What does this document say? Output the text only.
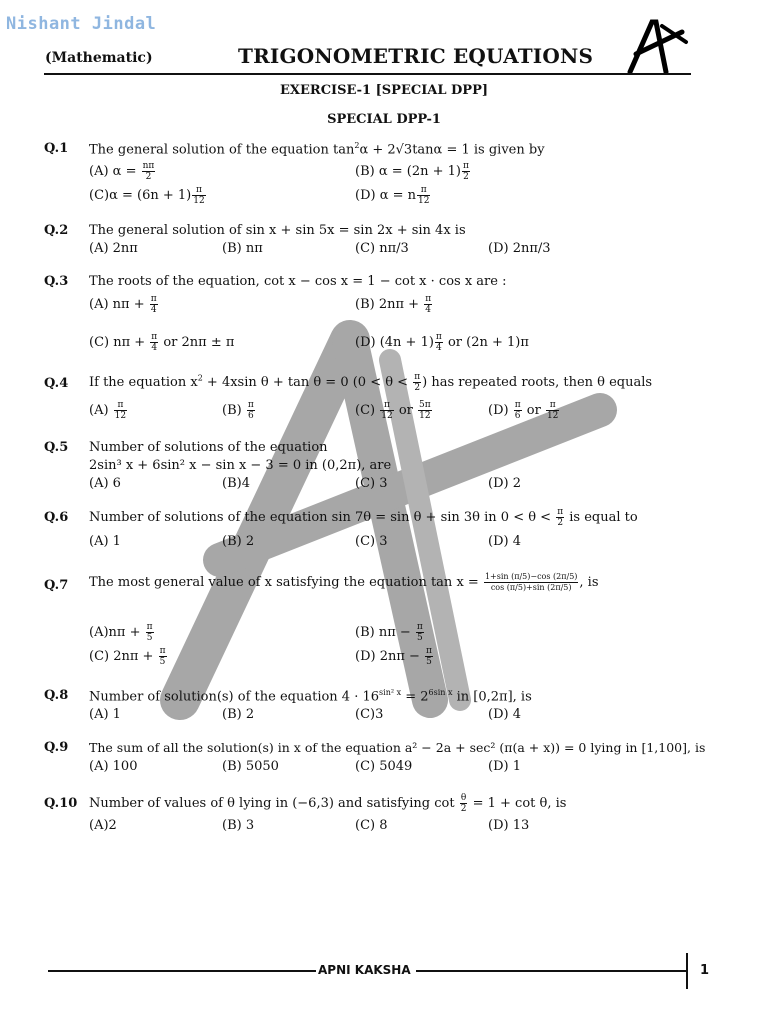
Nishant Jindal
(Mathematic)	TRIGONOMETRIC EQUATIONS
EXERCISE-1 [SPECIAL DPP]
SPECIAL DPP-1
Q.1 The general solution of the equation $\tan^2\alpha + 2√3\tan\alpha = 1$ is given by
(A) $\alpha = \frac{n\pi}{2}$	(B) $\alpha = (2n + 1) \frac{\pi}{2}$
$(C)\alpha = (6n + 1) \frac{\pi}{12}$	(D) α = n $\frac{\pi}{12}$
Q.2 The general solution of sin x + sin 5x = sin 2x + sin 4x is
(A) 2nπ	(B) nπ	(C) nπ/3	(D) 2nπ/3
Q.3 The roots of the equation, cot x − cos x = 1 − cot x · cos x are :
(A) $n\pi + \frac{\pi}{4}$	(B) $2n\pi + \frac{\pi}{4}$
(C) $n\pi + \frac{\pi}{4}$ or 2nπ ± π	(D) $(4n + 1) \frac{\pi}{4}$ or (2n + 1)π
Q.4 If the equation $x^2 + 4xsin$ θ + tan θ = 0 ($0 < \theta < \frac{\pi}{2}$ ) has repeated roots, then θ equals
$(A) \frac{\pi}{12}$	$(B) \frac{\pi}{6}$	$(C) \frac{\pi}{12}$ or $\frac{5\pi}{12}$	$(D) \frac{\pi}{6}$ or $\frac{\pi}{12}$
Q.5 Number of solutions of the equation
2sin³ x + 6sin² x − sin x − 3 = 0 in (0,2π), are
(A) 6	(B)4	(C) 3	(D) 2
Q.6 Number of solutions of the equation sin 7θ = sin θ + sin 3θ in $0 < \theta < \frac{\pi}{2}$ is equal to
(A) 1	(B) 2	(C) 3	(D) 4
Q.7 The most general value of x satisfying the equation $\tan x = \frac{1+\sin (\pi/5)-\cos (2\pi/5)}{\cos (\pi/5)+\sin (2\pi/5)}$ , is
$(A)n\pi + \frac{\pi}{5}$	(B) $n\pi - \frac{\pi}{5}$
(C) $2n\pi + \frac{\pi}{5}$	(D) $2n\pi - \frac{\pi}{5}$
Q.8 Number of solution(s) of the equation $4 \cdot 16^{sin^2 x} = 2^{6sin x}$ in [0,2π], is
(A) 1	(B) 2	(C)3	(D) 4
Q.9 The sum of all the solution(s) in x of the equation a² − 2a + sec² (π(a + x)) = 0 lying in [1,100], is
(A) 100	(B) 5050	(C) 5049	(D) 1
Q.10 Number of values of θ lying in (−6,3) and satisfying $\cot \frac{\theta}{2} = 1 + \cot \theta$, is
(A)2	(B) 3	(C) 8	(D) 13
APNI KAKSHA	1
